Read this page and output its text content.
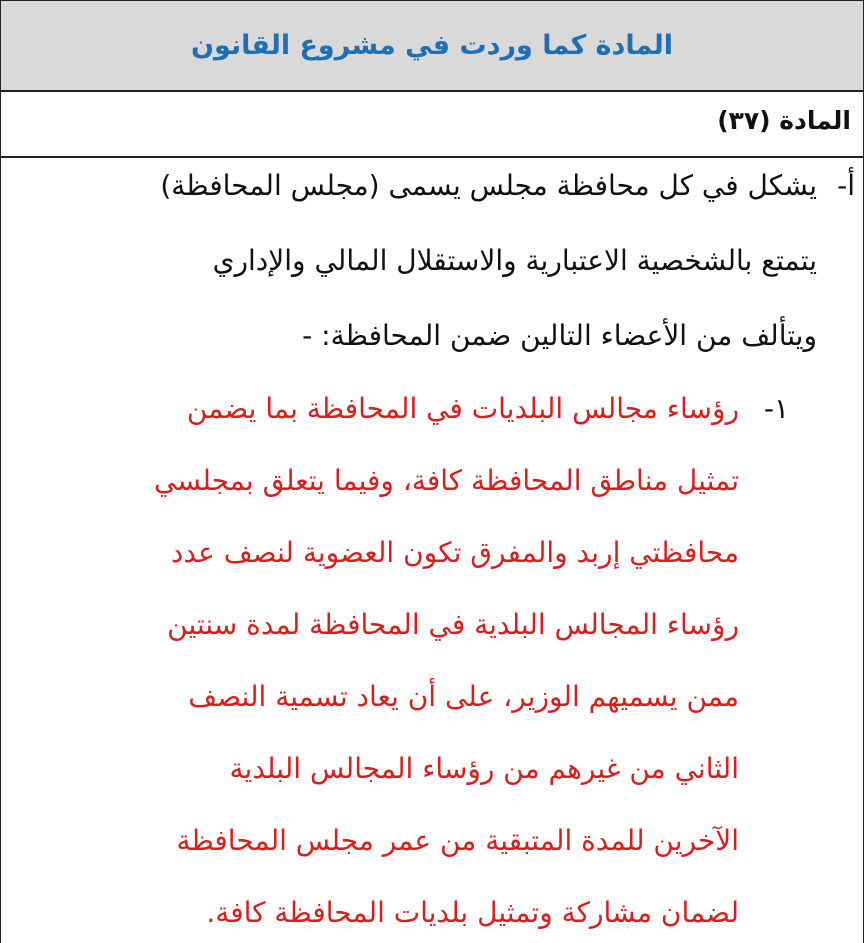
المادة كما وردت في مشروع القانون
المادة (٣٧)
أ-
يشكل في كل محافظة مجلس يسمى (مجلس المحافظة)
يتمتع بالشخصية الاعتبارية والاستقلال المالي والإداري
ويتألف من الأعضاء التالين ضمن المحافظة: -
١-
رؤساء مجالس البلديات في المحافظة بما يضمن
تمثيل مناطق المحافظة كافة، وفيما يتعلق بمجلسي
محافظتي إربد والمفرق تكون العضوية لنصف عدد
رؤساء المجالس البلدية في المحافظة لمدة سنتين
ممن يسميهم الوزير، على أن يعاد تسمية النصف
الثاني من غيرهم من رؤساء المجالس البلدية
الآخرين للمدة المتبقية من عمر مجلس المحافظة
لضمان مشاركة وتمثيل بلديات المحافظة كافة.
